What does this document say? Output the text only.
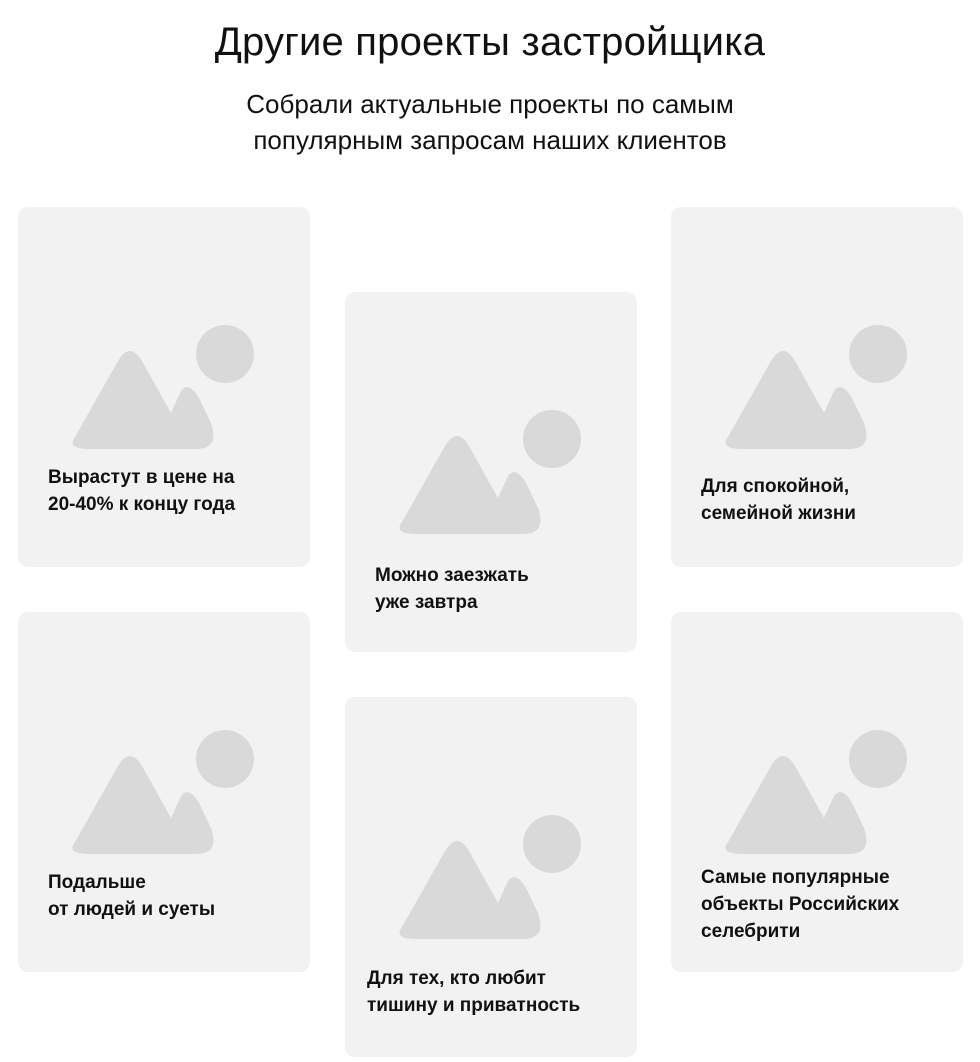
Другие проекты застройщика

Собрали актуальные проекты по самым
популярным запросам наших клиентов

Вырастут в цене на
20-40% к концу года

Можно заезжать
уже завтра

Для спокойной,
семейной жизни

Подальше
от людей и суеты

Для тех, кто любит
тишину и приватность

Самые популярные
объекты Российских
селебрити
